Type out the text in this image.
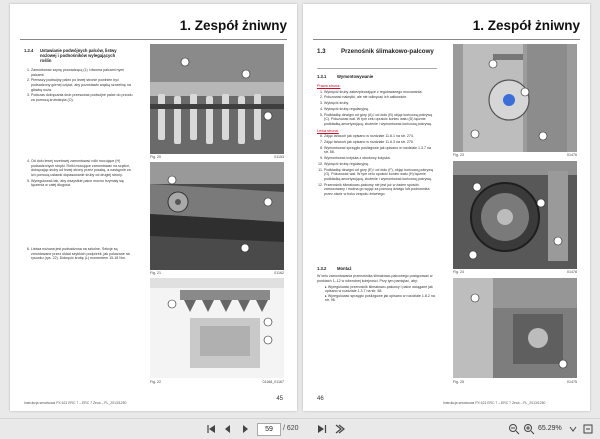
1. Zespół żniwny
1.2.4	Ustawianie podwójnych palców, listwy nożowej i podnośników wylegających roślin
1. Zamontować szynę prowadzącą (1) i dwoma palcami nymi palcami.
2. Pierwszy podwójny palec po lewej stronie powinien być podsadzony górnej części, aby pozostawić wąską szczelinę na główkę noża.
3. Podczas dokręcania śrub przesuwać podwójne palce do przodu za pomocą śrubokręta (O).
4. Od dołu lewej rozetowej zamontować rolki mocujące (H) podsadzonych stopki. Rolki mocujące zamontować na szpilce, dokręcając śruby od lewej strony przez puszkę, a następnie za ich pomocą ustawić dopasowanie śruby od drugiej strony.
5. Wyregulować tak, aby wszystkie palce mocno trzymały się łączenia w całej długości.
6. Listwa nożowa jest podsadzona na szkolne. Sekcje są zmontowane przez układ szybkich podpórek, jak pokazane na rysunku (rys. 22). Dokręcić śrubę (L) momentem 15-18 Nm.
Fig. 20	01153
Fig. 21	01162
Fig. 22	01168_01167
Instrukcja serwisowa PX 621 ERC 7 – ERC 7 Zeus – PL_2013/1250
45
1. Zespół żniwny
1.3 Przenośnik ślimakowo-palcowy
1.3.1	Wymontowywanie
Prawa strona:
1. Wykręcić śruby zabezpieczające z regulowanego mocowania.
2. Poluzować nakrętki, ale nie odkręcać ich całkowicie.
3. Wykręcić śruby.
4. Wykręcić śrubę regulacyjną.
5. Podkładkę dźwigni od góry (A) i od dołu (B) objąć końcową pokrywą (C). Poluzować wał. W tym celu opuścić koniec wału (D) łącznie podkładką amortyzującą, złożenie i wymontować końcową pokrywę.
Lewa strona:
6. Zdjąć łańcuch jak opisano w rozdziale 11.6.1 na str. 274.
7. Zdjąć łańcuch jak opisano w rozdziale 11.6.3 na str. 275.
8. Wymontować sprzęgło poślizgowe jak opisano w rozdziale 1.3.7 na str. 58.
9. Wymontować łożyska z obudowy łożyska.
10. Wykręcić śrubę regulacyjną.
11. Podkładkę dźwigni od góry (E) i od dołu (F), objąć końcową pokrywą (G). Poluzować wał. W tym celu opuścić koniec wału (H) łącznie podkładką amortyzującą, złożenie i wymontować końcową pokrywę.
12. Przenośnik ślimakowo-palcowy nie jest już w żaden sposób zamocowany i można go wyjąć za pomocą dźwigu lub podnośnika przez otwór w boku zespołu żniwnego.
1.3.2	Montaż

W celu zamontowania przenośnika ślimakowo-palcowego postępować w punktach 1–12 w odwrotnej kolejności. Przy tym pamiętać, aby:

▸ Wyregulować przenośnik ślimakowo-palcowy i palce wciągane jak opisano w rozdziale 1.3.7 na str. 58.
▸ Wyregulować sprzęgło poślizgowe jak opisano w rozdziale 1.8.2 na str. 96.
Fig. 23	01476
Fig. 24	01478
Fig. 25	01475
46
Instrukcja serwisowa PX 621 ERC 7 – ERC 7 Zeus – PL_2013/1250
59	/ 620	65.29%
